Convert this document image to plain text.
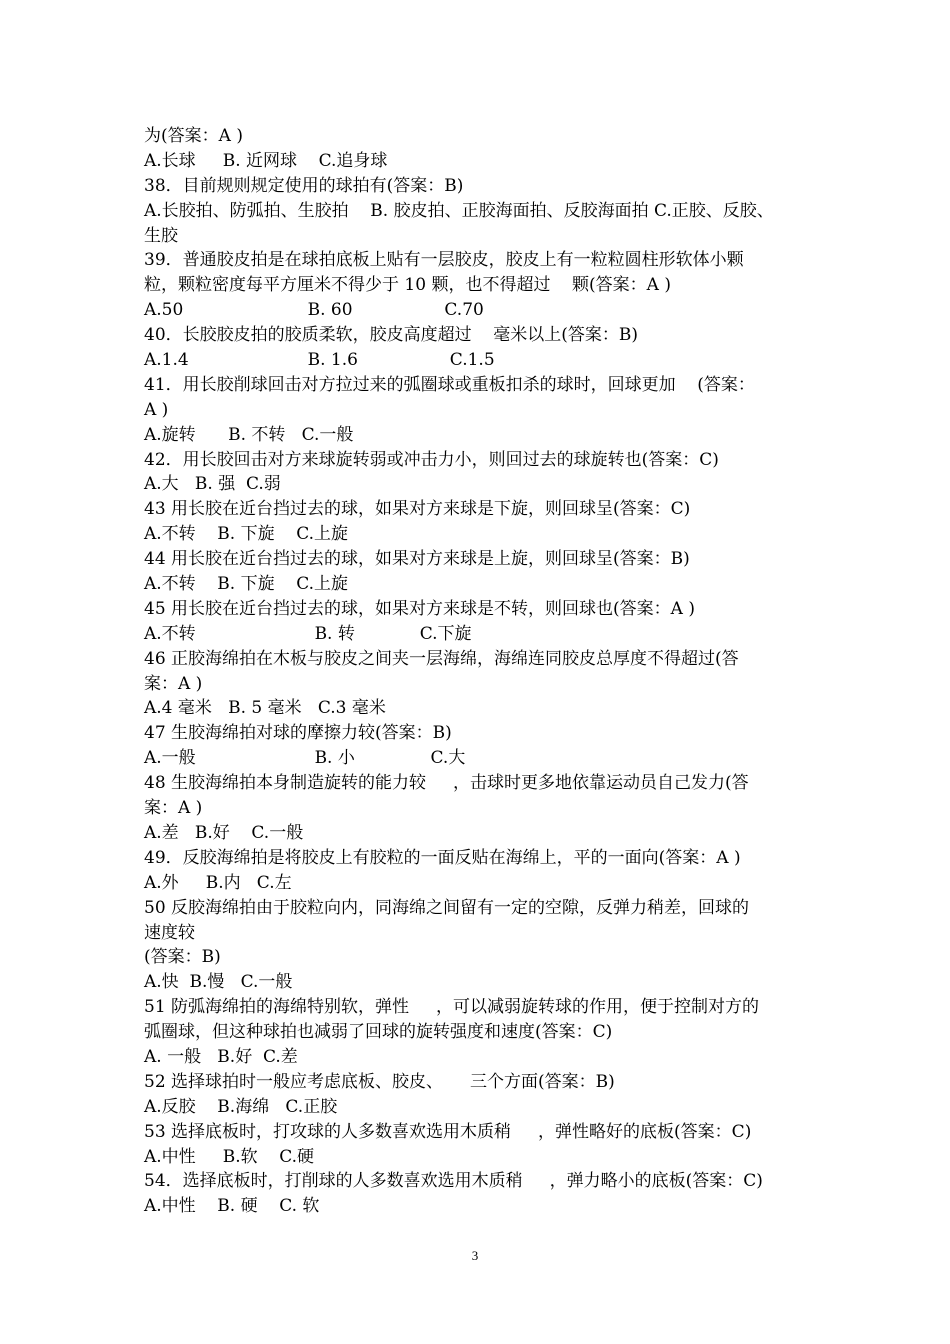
为(答案：A )
A.长球     B. 近网球    C.追身球
38．目前规则规定使用的球拍有(答案：B)
A.长胶拍、防弧拍、生胶拍    B. 胶皮拍、正胶海面拍、反胶海面拍 C.正胶、反胶、
生胶
39．普通胶皮拍是在球拍底板上贴有一层胶皮，胶皮上有一粒粒圆柱形软体小颗
粒，颗粒密度每平方厘米不得少于 10 颗，也不得超过    颗(答案：A )
A.50                       B. 60                 C.70
40．长胶胶皮拍的胶质柔软，胶皮高度超过    毫米以上(答案：B)
A.1.4                      B. 1.6                 C.1.5
41．用长胶削球回击对方拉过来的弧圈球或重板扣杀的球时，回球更加    (答案：
A )
A.旋转      B. 不转   C.一般
42．用长胶回击对方来球旋转弱或冲击力小，则回过去的球旋转也(答案：C)
A.大   B. 强  C.弱
43 用长胶在近台挡过去的球，如果对方来球是下旋，则回球呈(答案：C)
A.不转    B. 下旋    C.上旋
44 用长胶在近台挡过去的球，如果对方来球是上旋，则回球呈(答案：B)
A.不转    B. 下旋    C.上旋
45 用长胶在近台挡过去的球，如果对方来球是不转，则回球也(答案：A )
A.不转                      B. 转            C.下旋
46 正胶海绵拍在木板与胶皮之间夹一层海绵，海绵连同胶皮总厚度不得超过(答
案：A )
A.4 毫米   B. 5 毫米   C.3 毫米
47 生胶海绵拍对球的摩擦力较(答案：B)
A.一般                      B. 小              C.大
48 生胶海绵拍本身制造旋转的能力较     ，击球时更多地依靠运动员自己发力(答
案：A )
A.差   B.好    C.一般
49．反胶海绵拍是将胶皮上有胶粒的一面反贴在海绵上，平的一面向(答案：A )
A.外     B.内   C.左
50 反胶海绵拍由于胶粒向内，同海绵之间留有一定的空隙，反弹力稍差，回球的
速度较
(答案：B)
A.快  B.慢   C.一般
51 防弧海绵拍的海绵特别软，弹性     ，可以减弱旋转球的作用，便于控制对方的
弧圈球，但这种球拍也减弱了回球的旋转强度和速度(答案：C)
A. 一般   B.好  C.差
52 选择球拍时一般应考虑底板、胶皮、     三个方面(答案：B)
A.反胶    B.海绵   C.正胶
53 选择底板时，打攻球的人多数喜欢选用木质稍     ，弹性略好的底板(答案：C)
A.中性     B.软    C.硬
54．选择底板时，打削球的人多数喜欢选用木质稍     ，弹力略小的底板(答案：C)
A.中性    B. 硬    C. 软
3
